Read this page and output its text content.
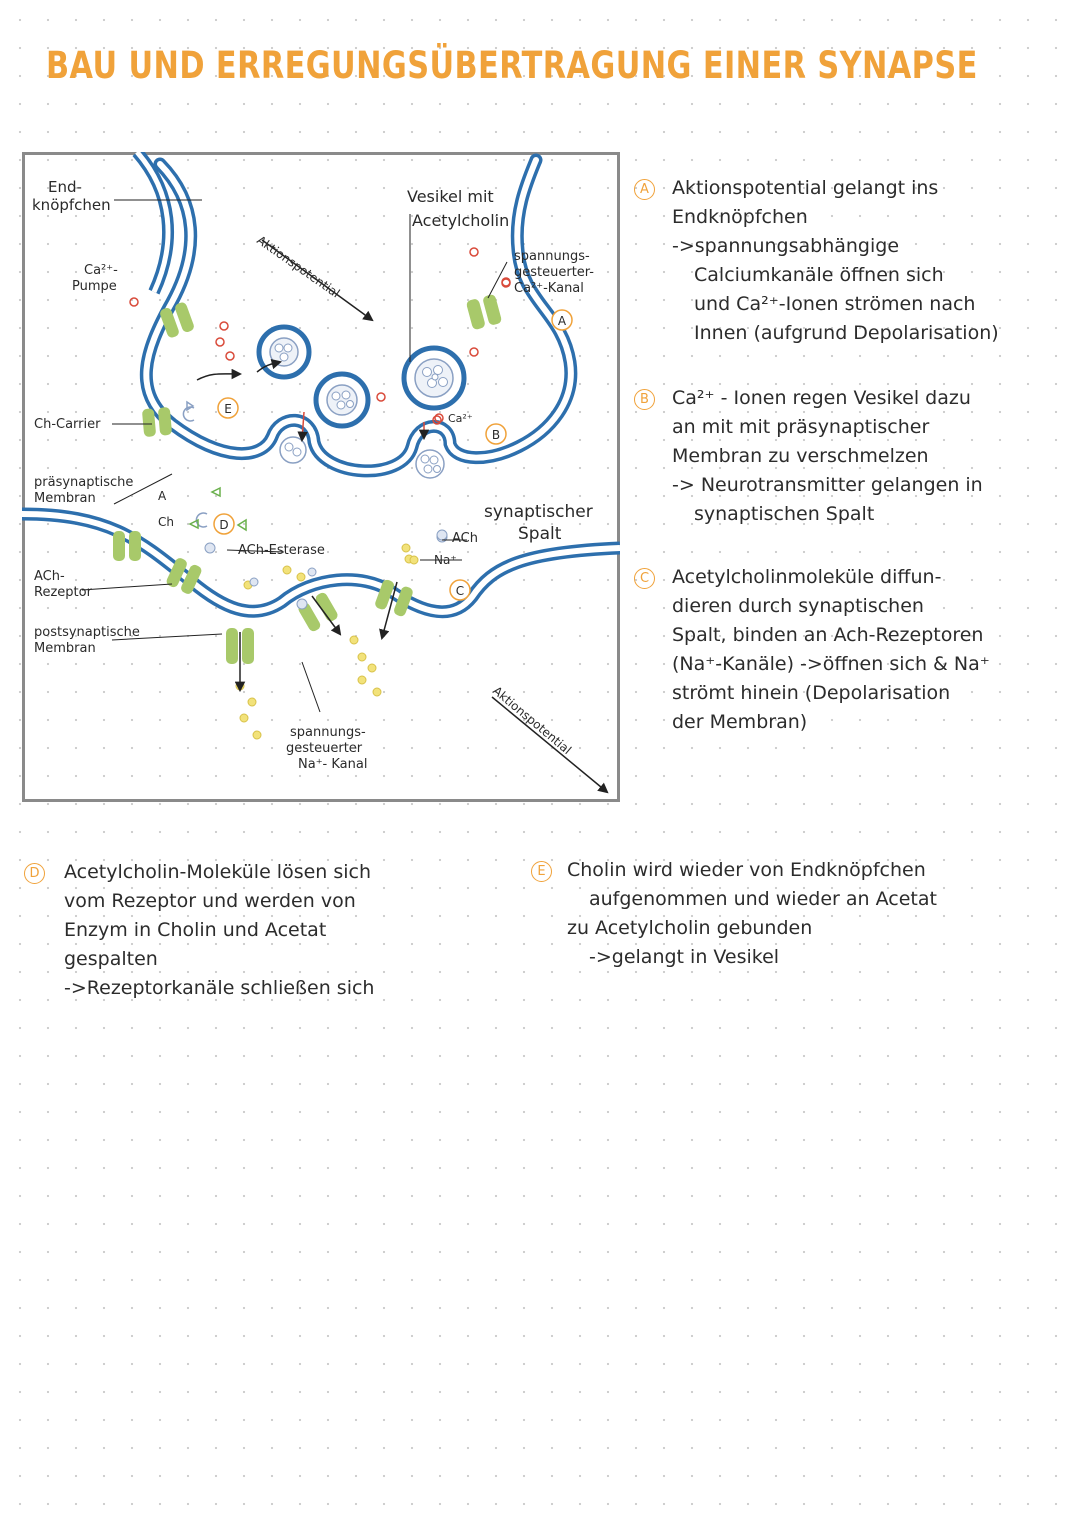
BAU UND ERREGUNGSÜBERTRAGUNG EINER SYNAPSE
End-knöpfchen
Ca²⁺-Pumpe
Ch-Carrier
präsynaptische Membran
ACh-Rezeptor
postsynaptische Membran
Vesikel mit Acetylcholin
spannungs-gesteuerter-Ca²⁺-Kanal
Aktionspotential
Aktionspotential
Ca²⁺
synaptischer Spalt
ACh
Na⁺
ACh-Esterase
spannungs-gesteuerter Na⁺- Kanal
A
Ch
A
B
C
D
E
A	Aktionspotential gelangt ins
Endknöpfchen
->spannungsabhängige
Calciumkanäle öffnen sich
und Ca²⁺-Ionen strömen nach
Innen (aufgrund Depolarisation)
B	Ca²⁺ - Ionen regen Vesikel dazu
an mit mit präsynaptischer
Membran zu verschmelzen
-> Neurotransmitter gelangen in
synaptischen Spalt
C	Acetylcholinmoleküle diffun-
dieren durch synaptischen
Spalt, binden an Ach-Rezeptoren
(Na⁺-Kanäle) ->öffnen sich & Na⁺
strömt hinein (Depolarisation
der Membran)
D Acetylcholin-Moleküle lösen sich
vom Rezeptor und werden von
Enzym in Cholin und Acetat
gespalten
->Rezeptorkanäle schließen sich
E	Cholin wird wieder von Endknöpfchen
aufgenommen und wieder an Acetat
zu Acetylcholin gebunden
->gelangt in Vesikel
